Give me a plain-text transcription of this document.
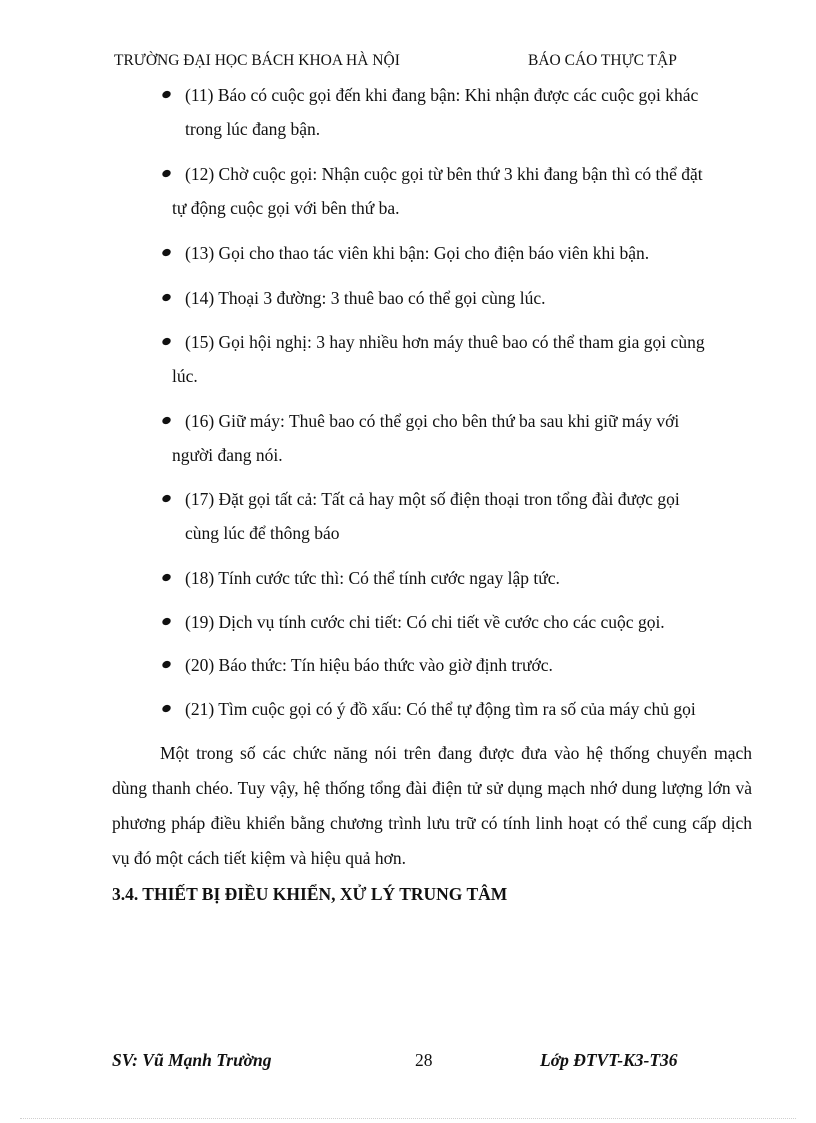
TRƯỜNG ĐẠI HỌC BÁCH KHOA HÀ NỘI	BÁO CÁO THỰC TẬP
(11) Báo có cuộc gọi đến khi đang bận: Khi nhận được các cuộc gọi khác
trong lúc đang bận.
(12) Chờ cuộc gọi: Nhận cuộc gọi từ bên thứ 3 khi đang bận thì có thể đặt
tự động cuộc gọi với bên thứ ba.
(13) Gọi cho thao tác viên khi bận: Gọi cho điện báo viên khi bận.
(14) Thoại 3 đường: 3 thuê bao có thể gọi cùng lúc.
(15) Gọi hội nghị: 3 hay nhiều hơn máy thuê bao có thể tham gia gọi cùng
lúc.
(16) Giữ máy: Thuê bao có thể gọi cho bên thứ ba sau khi giữ máy với
người đang nói.
(17) Đặt gọi tất cả: Tất cả hay một số điện thoại tron tổng đài được gọi
cùng lúc để thông báo
(18) Tính cước tức thì: Có thể tính cước ngay lập tức.
(19) Dịch vụ tính cước chi tiết: Có chi tiết về cước cho các cuộc gọi.
(20) Báo thức: Tín hiệu báo thức vào giờ định trước.
(21) Tìm cuộc gọi có ý đồ xấu: Có thể tự động tìm ra số của máy chủ gọi
Một trong số các chức năng nói trên đang được đưa vào hệ thống chuyển mạch dùng thanh chéo. Tuy vậy, hệ thống tổng đài điện tử sử dụng mạch nhớ dung lượng lớn và phương pháp điều khiển bằng chương trình lưu trữ có tính linh hoạt có thể cung cấp dịch vụ đó một cách tiết kiệm và hiệu quả hơn.
3.4. THIẾT BỊ ĐIỀU KHIỂN, XỬ LÝ TRUNG TÂM
SV: Vũ Mạnh Trường	28	Lớp ĐTVT-K3-T36
